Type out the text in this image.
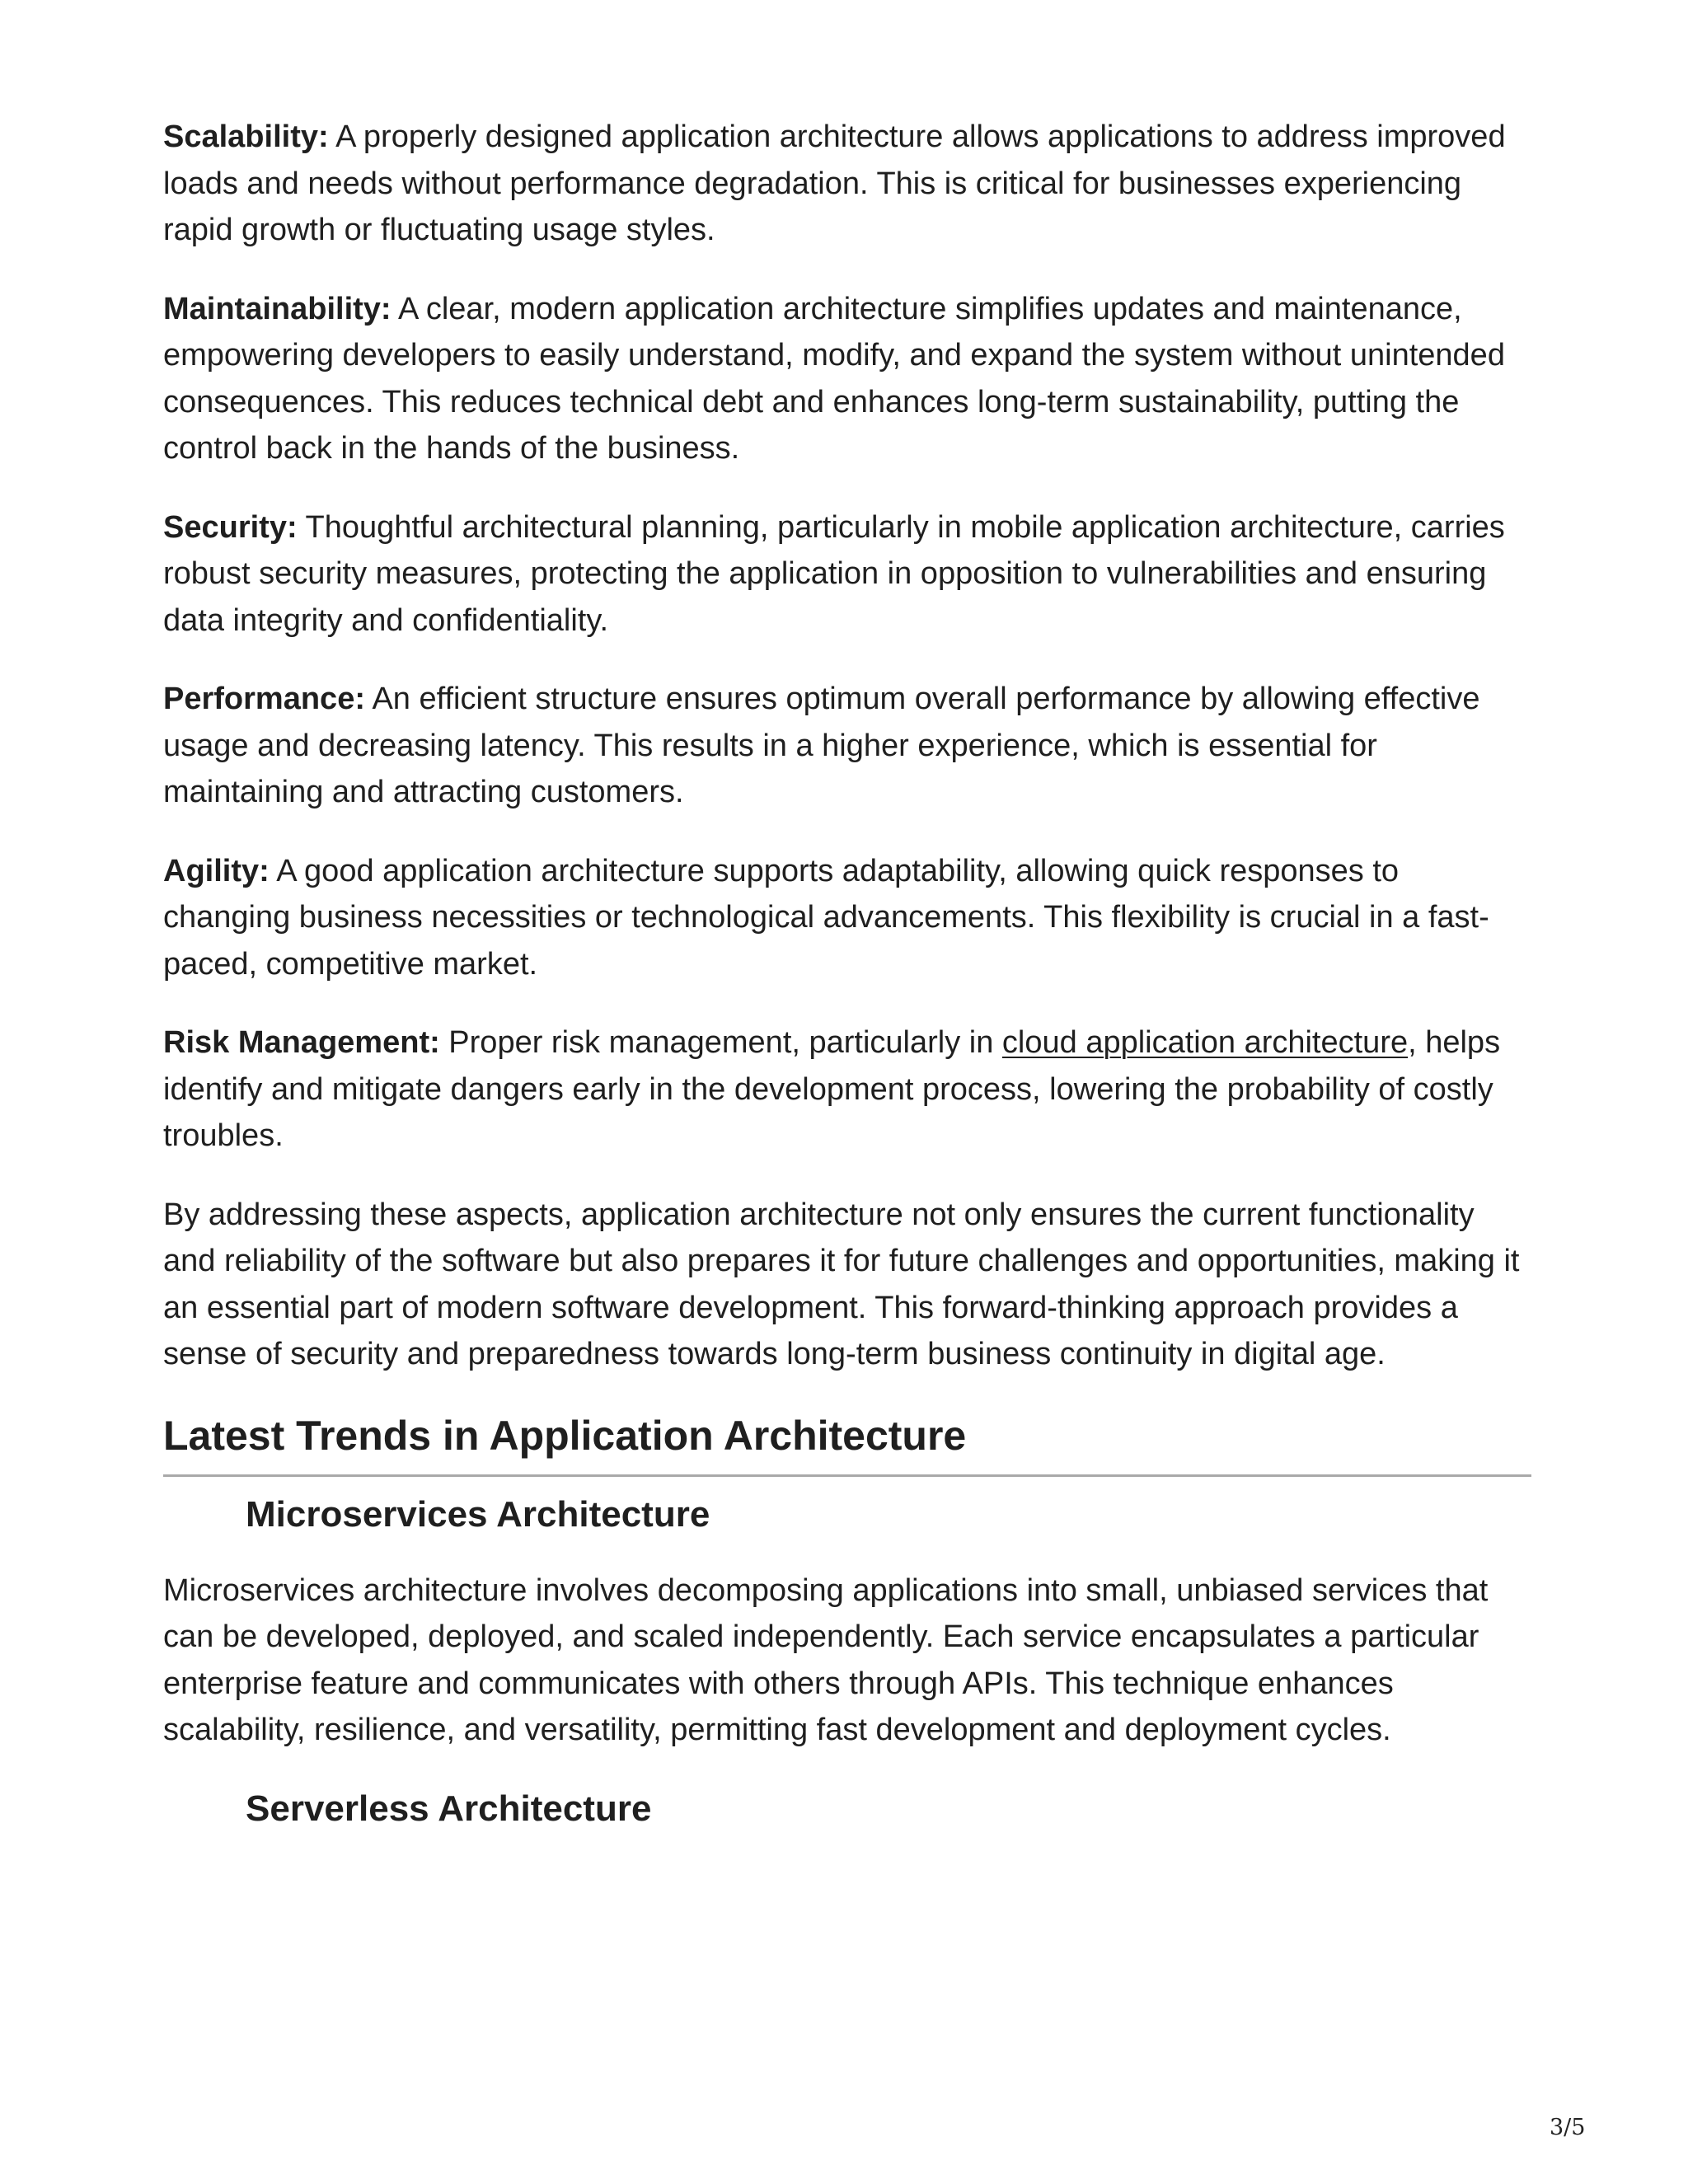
Scalability: A properly designed application architecture allows applications to address improved loads and needs without performance degradation. This is critical for businesses experiencing rapid growth or fluctuating usage styles.

Maintainability: A clear, modern application architecture simplifies updates and maintenance, empowering developers to easily understand, modify, and expand the system without unintended consequences. This reduces technical debt and enhances long-term sustainability, putting the control back in the hands of the business.

Security: Thoughtful architectural planning, particularly in mobile application architecture, carries robust security measures, protecting the application in opposition to vulnerabilities and ensuring data integrity and confidentiality.

Performance: An efficient structure ensures optimum overall performance by allowing effective usage and decreasing latency. This results in a higher experience, which is essential for maintaining and attracting customers.

Agility: A good application architecture supports adaptability, allowing quick responses to changing business necessities or technological advancements. This flexibility is crucial in a fast-paced, competitive market.

Risk Management: Proper risk management, particularly in cloud application architecture, helps identify and mitigate dangers early in the development process, lowering the probability of costly troubles.

By addressing these aspects, application architecture not only ensures the current functionality and reliability of the software but also prepares it for future challenges and opportunities, making it an essential part of modern software development. This forward-thinking approach provides a sense of security and preparedness towards long-term business continuity in digital age.

Latest Trends in Application Architecture
Microservices Architecture

Microservices architecture involves decomposing applications into small, unbiased services that can be developed, deployed, and scaled independently. Each service encapsulates a particular enterprise feature and communicates with others through APIs. This technique enhances scalability, resilience, and versatility, permitting fast development and deployment cycles.

Serverless Architecture
3/5
